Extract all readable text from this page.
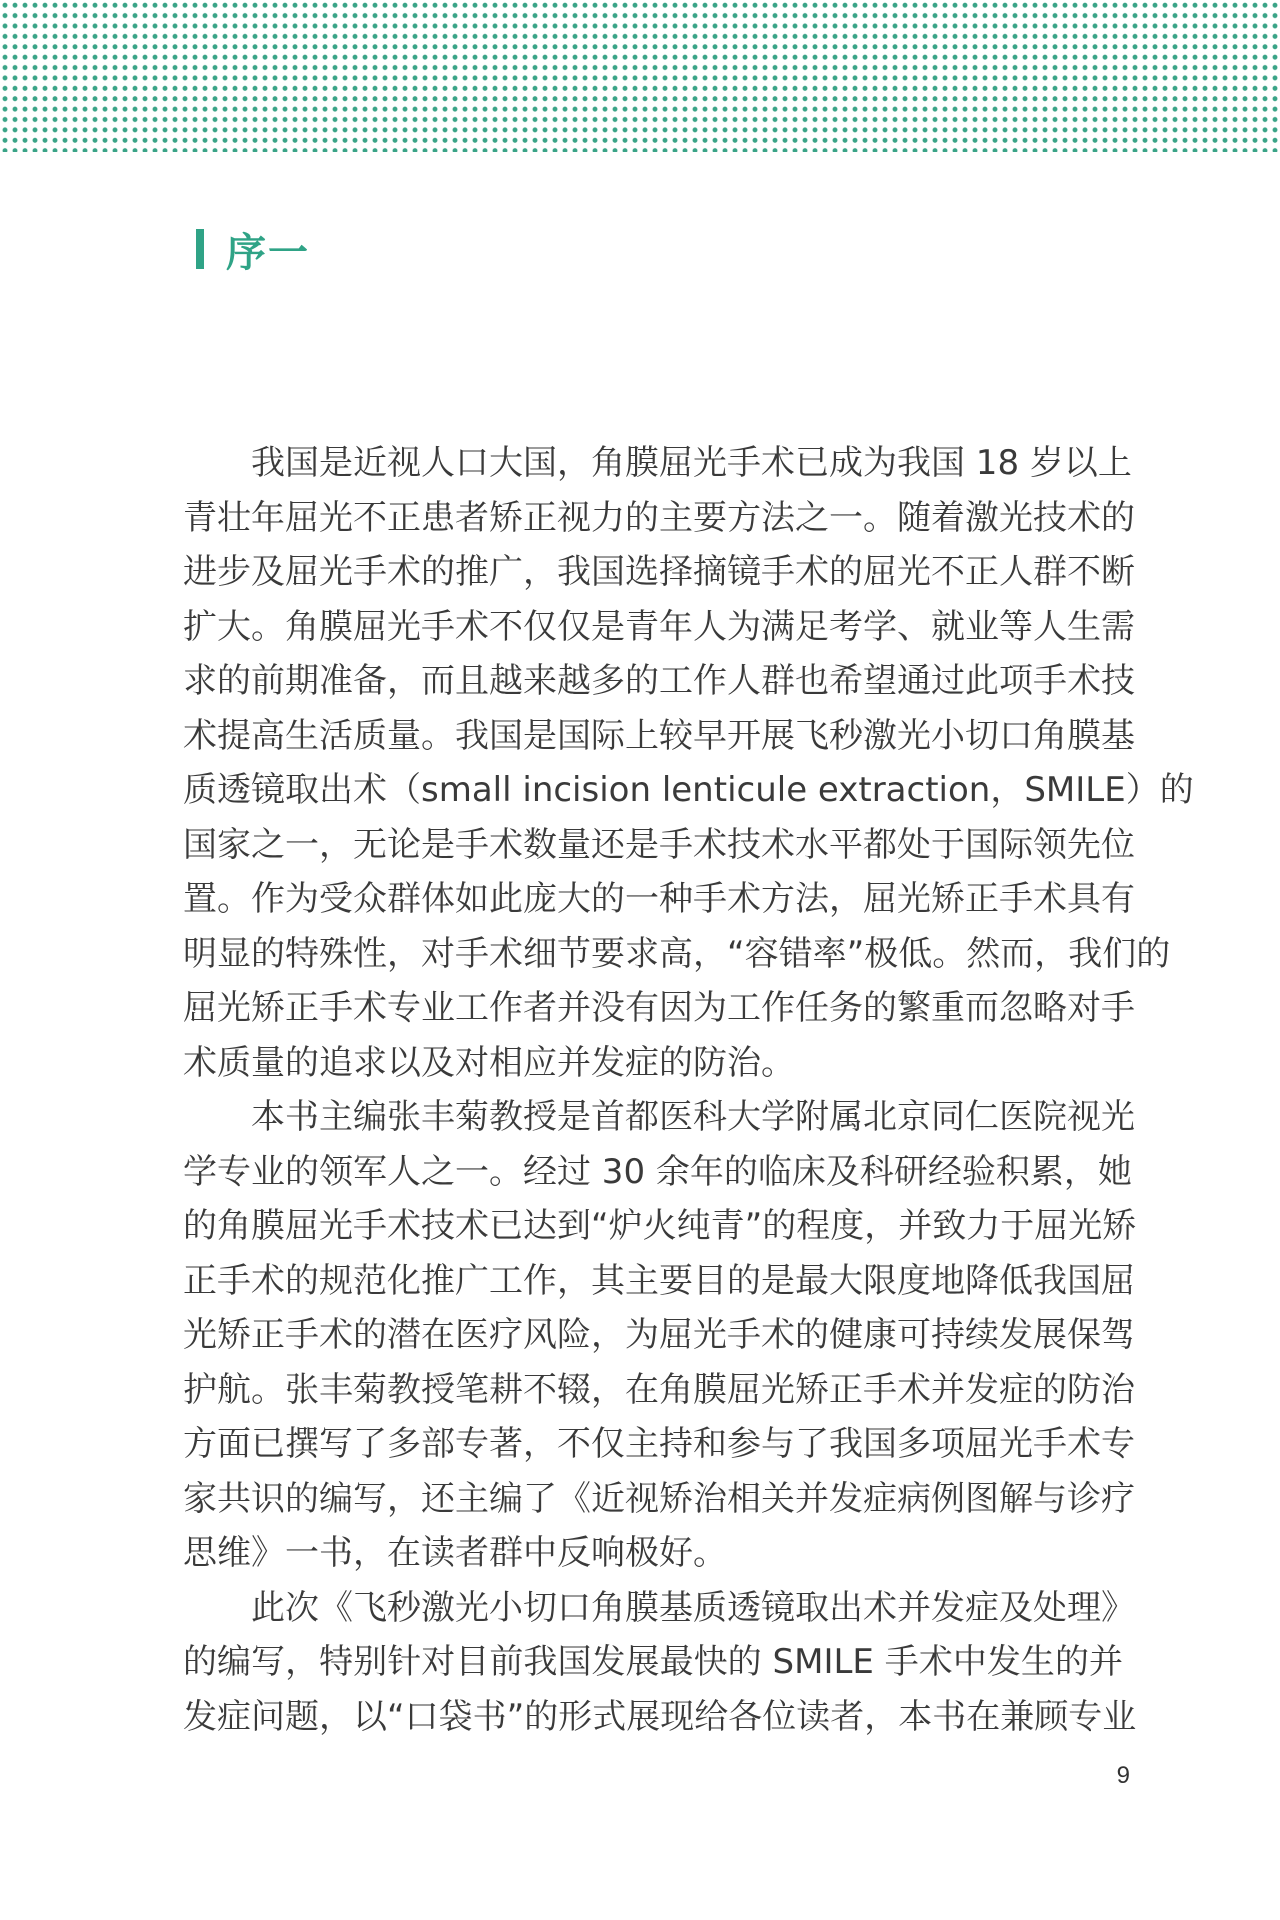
序一
我国是近视人口大国，角膜屈光手术已成为我国 18 岁以上
青壮年屈光不正患者矫正视力的主要方法之一。随着激光技术的
进步及屈光手术的推广，我国选择摘镜手术的屈光不正人群不断
扩大。角膜屈光手术不仅仅是青年人为满足考学、就业等人生需
求的前期准备，而且越来越多的工作人群也希望通过此项手术技
术提高生活质量。我国是国际上较早开展飞秒激光小切口角膜基
质透镜取出术（small incision lenticule extraction，SMILE）的
国家之一，无论是手术数量还是手术技术水平都处于国际领先位
置。作为受众群体如此庞大的一种手术方法，屈光矫正手术具有
明显的特殊性，对手术细节要求高，“容错率”极低。然而，我们的
屈光矫正手术专业工作者并没有因为工作任务的繁重而忽略对手
术质量的追求以及对相应并发症的防治。
本书主编张丰菊教授是首都医科大学附属北京同仁医院视光
学专业的领军人之一。经过 30 余年的临床及科研经验积累，她
的角膜屈光手术技术已达到“炉火纯青”的程度，并致力于屈光矫
正手术的规范化推广工作，其主要目的是最大限度地降低我国屈
光矫正手术的潜在医疗风险，为屈光手术的健康可持续发展保驾
护航。张丰菊教授笔耕不辍，在角膜屈光矫正手术并发症的防治
方面已撰写了多部专著，不仅主持和参与了我国多项屈光手术专
家共识的编写，还主编了《近视矫治相关并发症病例图解与诊疗
思维》一书，在读者群中反响极好。
此次《飞秒激光小切口角膜基质透镜取出术并发症及处理》
的编写，特别针对目前我国发展最快的 SMILE 手术中发生的并
发症问题，以“口袋书”的形式展现给各位读者，本书在兼顾专业
9
